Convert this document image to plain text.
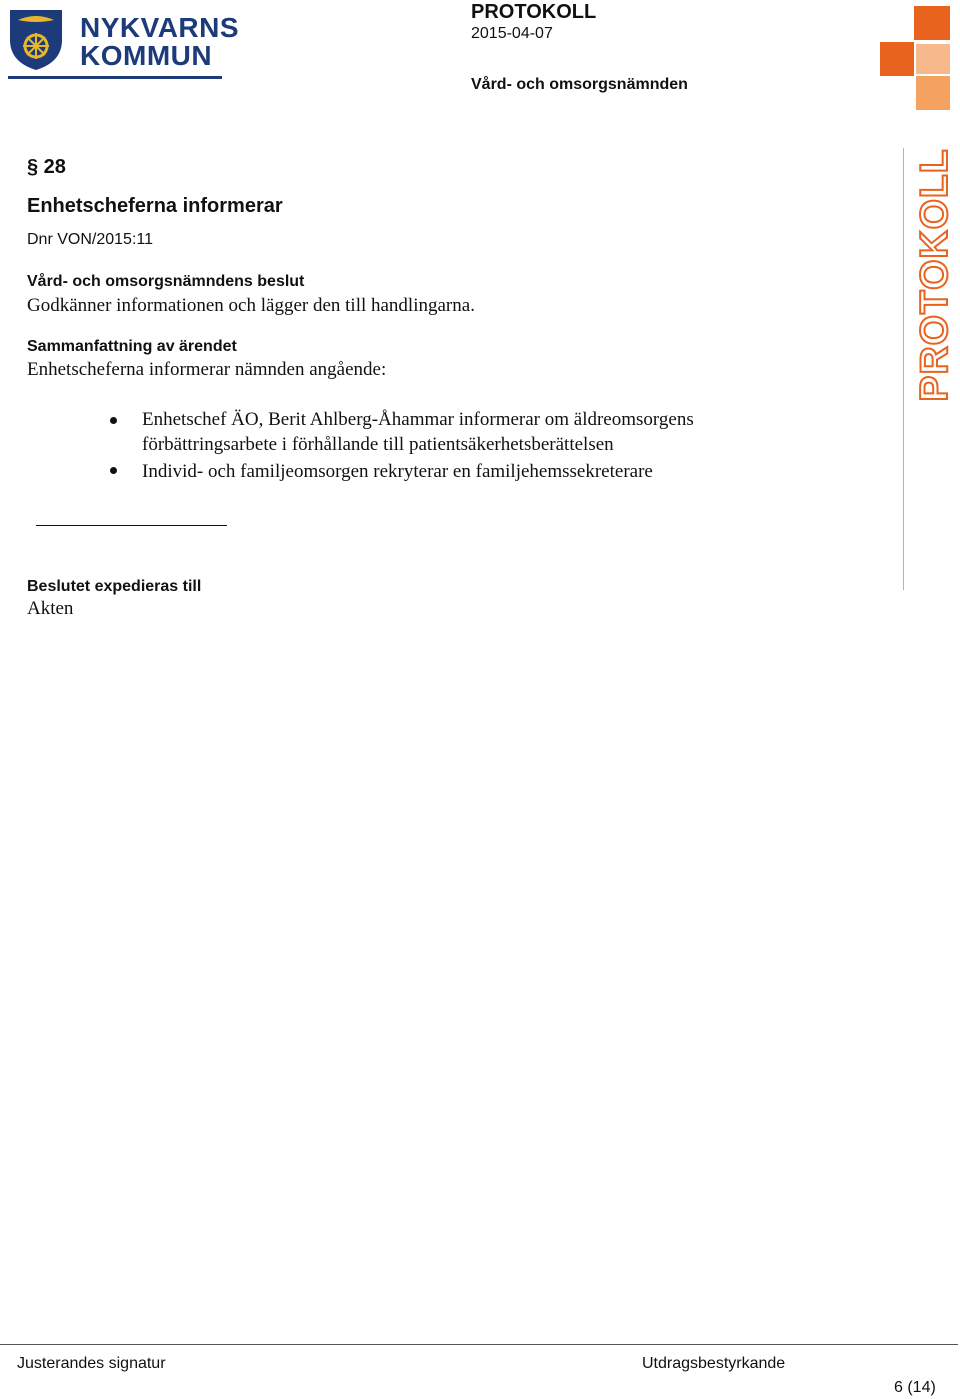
NYKVARNS
KOMMUN
PROTOKOLL
2015-04-07
Vård- och omsorgsnämnden
PROTOKOLL
§ 28
Enhetscheferna informerar
Dnr VON/2015:11
Vård- och omsorgsnämndens beslut
Godkänner informationen och lägger den till handlingarna.
Sammanfattning av ärendet
Enhetscheferna informerar nämnden angående:
Enhetschef ÄO, Berit Ahlberg-Åhammar informerar om äldreomsorgens
förbättringsarbete i förhållande till patientsäkerhetsberättelsen
Individ- och familjeomsorgen rekryterar en familjehemssekreterare
Beslutet expedieras till
Akten
Justerandes signatur	Utdragsbestyrkande
6 (14)
